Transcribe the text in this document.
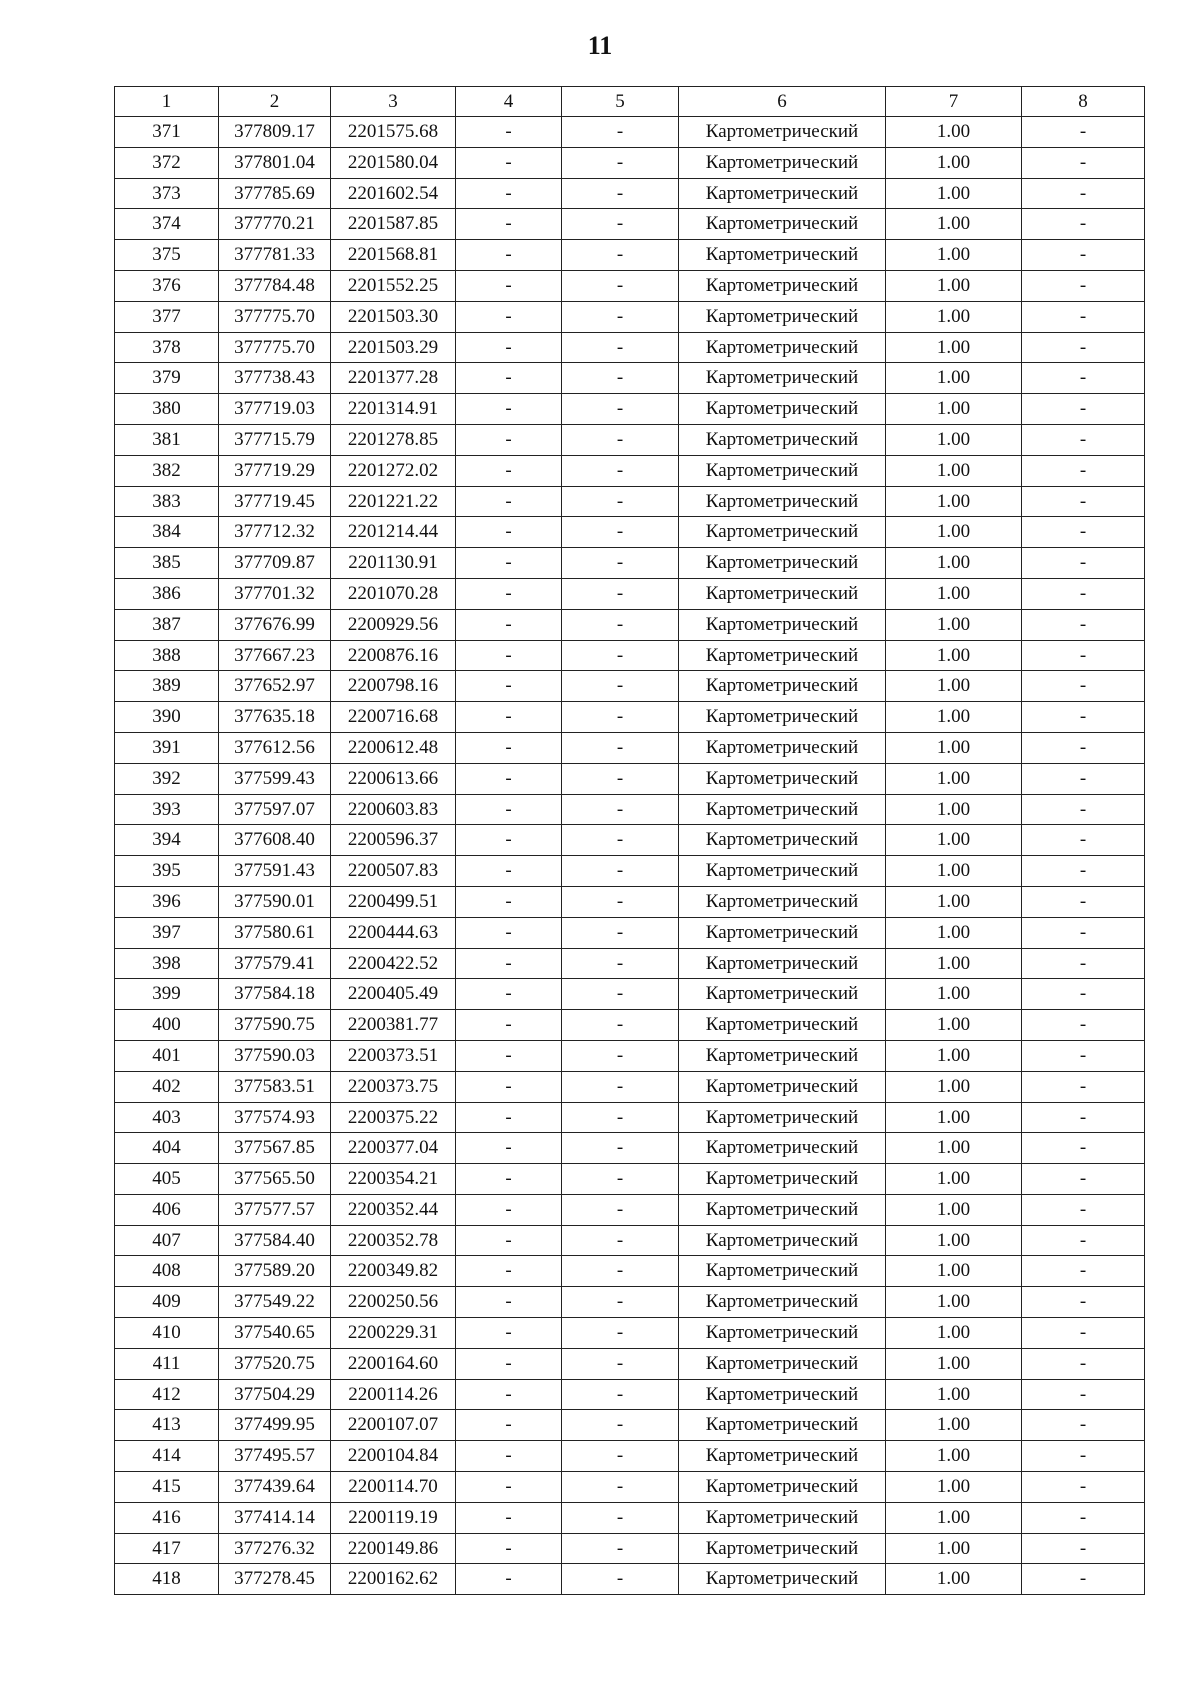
11
1	2	3	4	5	6	7	8
371	377809.17	2201575.68	-	-	Картометрический	1.00	-
372	377801.04	2201580.04	-	-	Картометрический	1.00	-
373	377785.69	2201602.54	-	-	Картометрический	1.00	-
374	377770.21	2201587.85	-	-	Картометрический	1.00	-
375	377781.33	2201568.81	-	-	Картометрический	1.00	-
376	377784.48	2201552.25	-	-	Картометрический	1.00	-
377	377775.70	2201503.30	-	-	Картометрический	1.00	-
378	377775.70	2201503.29	-	-	Картометрический	1.00	-
379	377738.43	2201377.28	-	-	Картометрический	1.00	-
380	377719.03	2201314.91	-	-	Картометрический	1.00	-
381	377715.79	2201278.85	-	-	Картометрический	1.00	-
382	377719.29	2201272.02	-	-	Картометрический	1.00	-
383	377719.45	2201221.22	-	-	Картометрический	1.00	-
384	377712.32	2201214.44	-	-	Картометрический	1.00	-
385	377709.87	2201130.91	-	-	Картометрический	1.00	-
386	377701.32	2201070.28	-	-	Картометрический	1.00	-
387	377676.99	2200929.56	-	-	Картометрический	1.00	-
388	377667.23	2200876.16	-	-	Картометрический	1.00	-
389	377652.97	2200798.16	-	-	Картометрический	1.00	-
390	377635.18	2200716.68	-	-	Картометрический	1.00	-
391	377612.56	2200612.48	-	-	Картометрический	1.00	-
392	377599.43	2200613.66	-	-	Картометрический	1.00	-
393	377597.07	2200603.83	-	-	Картометрический	1.00	-
394	377608.40	2200596.37	-	-	Картометрический	1.00	-
395	377591.43	2200507.83	-	-	Картометрический	1.00	-
396	377590.01	2200499.51	-	-	Картометрический	1.00	-
397	377580.61	2200444.63	-	-	Картометрический	1.00	-
398	377579.41	2200422.52	-	-	Картометрический	1.00	-
399	377584.18	2200405.49	-	-	Картометрический	1.00	-
400	377590.75	2200381.77	-	-	Картометрический	1.00	-
401	377590.03	2200373.51	-	-	Картометрический	1.00	-
402	377583.51	2200373.75	-	-	Картометрический	1.00	-
403	377574.93	2200375.22	-	-	Картометрический	1.00	-
404	377567.85	2200377.04	-	-	Картометрический	1.00	-
405	377565.50	2200354.21	-	-	Картометрический	1.00	-
406	377577.57	2200352.44	-	-	Картометрический	1.00	-
407	377584.40	2200352.78	-	-	Картометрический	1.00	-
408	377589.20	2200349.82	-	-	Картометрический	1.00	-
409	377549.22	2200250.56	-	-	Картометрический	1.00	-
410	377540.65	2200229.31	-	-	Картометрический	1.00	-
411	377520.75	2200164.60	-	-	Картометрический	1.00	-
412	377504.29	2200114.26	-	-	Картометрический	1.00	-
413	377499.95	2200107.07	-	-	Картометрический	1.00	-
414	377495.57	2200104.84	-	-	Картометрический	1.00	-
415	377439.64	2200114.70	-	-	Картометрический	1.00	-
416	377414.14	2200119.19	-	-	Картометрический	1.00	-
417	377276.32	2200149.86	-	-	Картометрический	1.00	-
418	377278.45	2200162.62	-	-	Картометрический	1.00	-
